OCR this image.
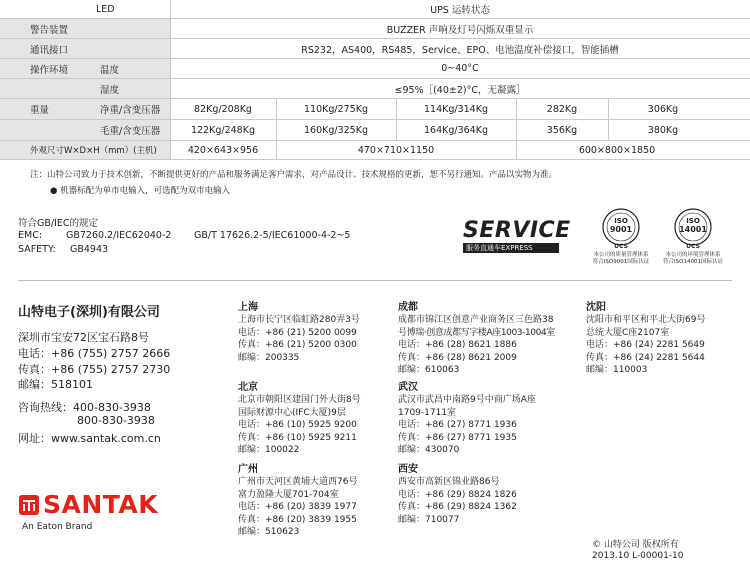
LED	UPS 运转状态
警告装置	BUZZER 声响及灯号闪烁双重显示
通讯接口	RS232，AS400，RS485，Service、EPO、电池温度补偿接口，智能插槽
操作环境	温度	0~40°C
湿度	≤95%［(40±2)°C，无凝露］
重量	净重/含变压器	82Kg/208Kg	110Kg/275Kg	114Kg/314Kg	282Kg	306Kg
毛重/含变压器	122Kg/248Kg	160Kg/325Kg	164Kg/364Kg	356Kg	380Kg
外观尺寸W×D×H（mm）(主机)	420×643×956	470×710×1150	600×800×1850
注：山特公司致力于技术创新，不断提供更好的产品和服务满足客户需求，对产品设计、技术规格的更新，恕不另行通知。产品以实物为准。
● 机器标配为单市电输入，可选配为双市电输入
符合GB/IEC的规定
EMC:	GB7260.2/IEC62040-2 GB/T 17626.2-5/IEC61000-4-2~5
SAFETY: GB4943
SERVICE
服务直通车EXPRESS
ISO
9001
UCS
本公司的质量管理体系
符合ISO9001国际认证
ISO
14001
UCS
本公司的环境管理体系
符合ISO14001国际认证
山特电子(深圳)有限公司
深圳市宝安72区宝石路8号
电话：+86 (755) 2757 2666
传真：+86 (755) 2757 2730
邮编：518101
咨询热线：400-830-3938
800-830-3938
网址：www.santak.com.cn
SANTAK
An Eaton Brand
上海
上海市长宁区临虹路280弄3号
电话：+86 (21) 5200 0099
传真：+86 (21) 5200 0300
邮编：200335
北京
北京市朝阳区建国门外大街8号
国际财源中心(IFC大厦)9层
电话：+86 (10) 5925 9200
传真：+86 (10) 5925 9211
邮编：100022
广州
广州市天河区黄埔大道西76号
富力盈隆大厦701-704室
电话：+86 (20) 3839 1977
传真：+86 (20) 3839 1955
邮编：510623
成都
成都市锦江区创意产业商务区三色路38
号博瑞·创意成都写字楼A座1003-1004室
电话：+86 (28) 8621 1886
传真：+86 (28) 8621 2009
邮编：610063
武汉
武汉市武昌中南路9号中商广场A座
1709-1711室
电话：+86 (27) 8771 1936
传真：+86 (27) 8771 1935
邮编：430070
西安
西安市高新区锦业路86号
电话：+86 (29) 8824 1826
传真：+86 (29) 8824 1362
邮编：710077
沈阳
沈阳市和平区和平北大街69号
总统大厦C座2107室
电话：+86 (24) 2281 5649
传真：+86 (24) 2281 5644
邮编：110003
© 山特公司 版权所有
2013.10 L-00001-10
